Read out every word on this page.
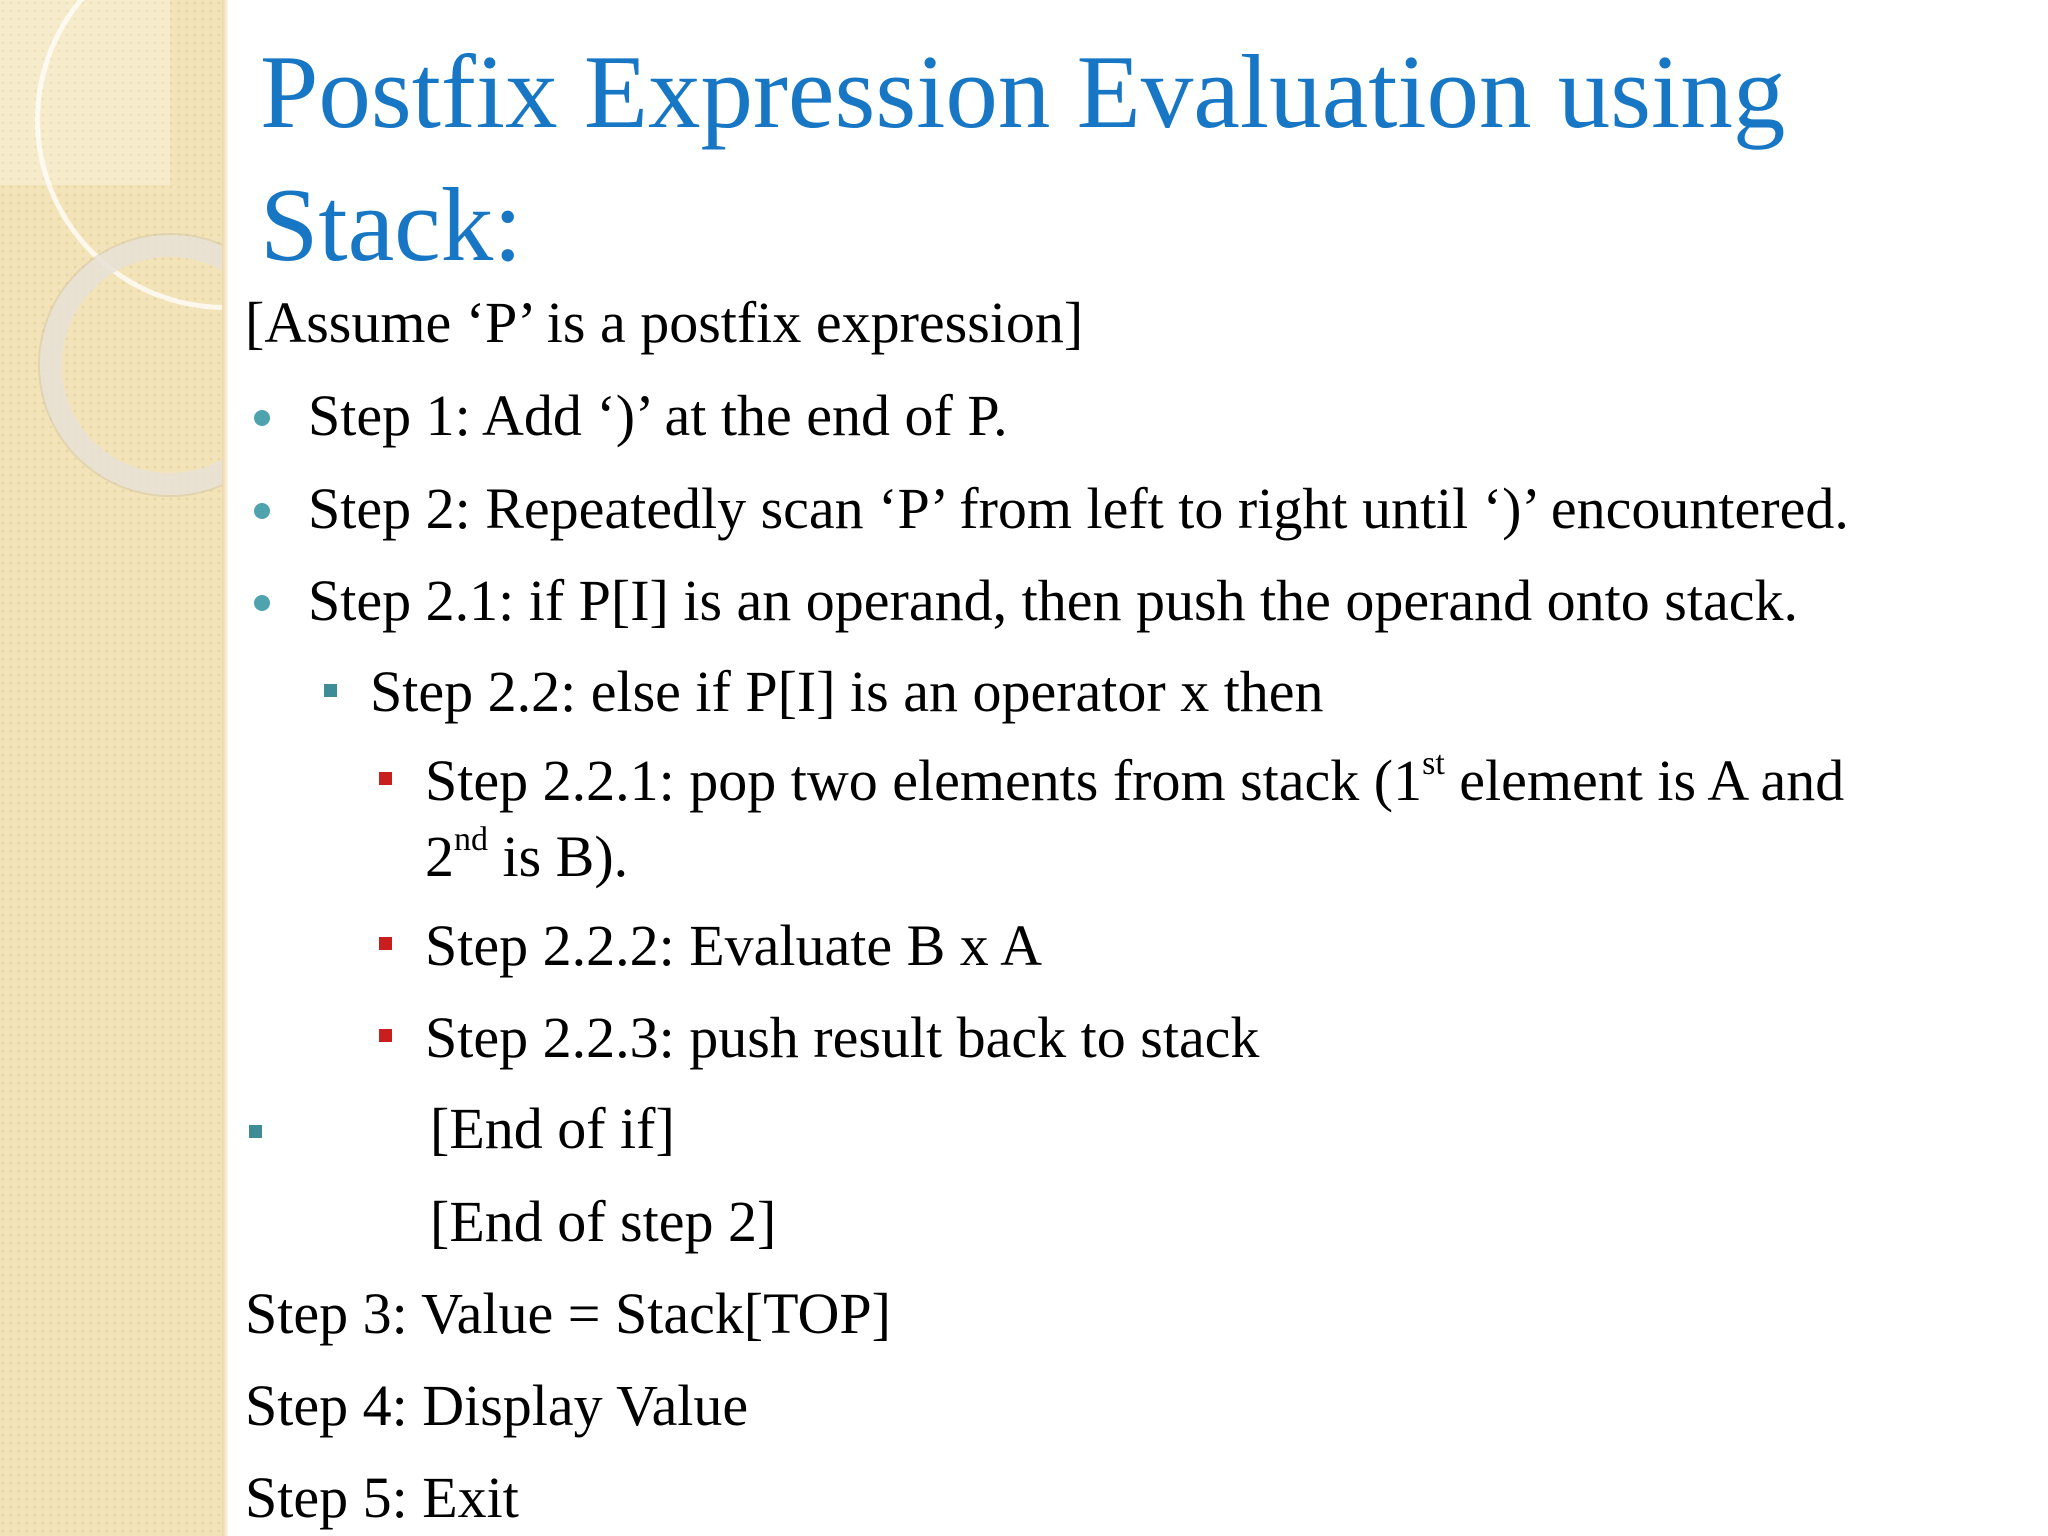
Postfix Expression Evaluation using Stack:
[Assume ‘P’ is a postfix expression]
Step 1: Add ‘)’ at the end of P.
Step 2: Repeatedly scan ‘P’ from left to right until ‘)’ encountered.
Step 2.1: if P[I] is an operand, then push the operand onto stack.
Step 2.2: else if P[I] is an operator x then
Step 2.2.1: pop two elements from stack (1st element is A and
2nd is B).
Step 2.2.2: Evaluate B x A
Step 2.2.3: push result back to stack
[End of if]
[End of step 2]
Step 3: Value = Stack[TOP]
Step 4: Display Value
Step 5: Exit
